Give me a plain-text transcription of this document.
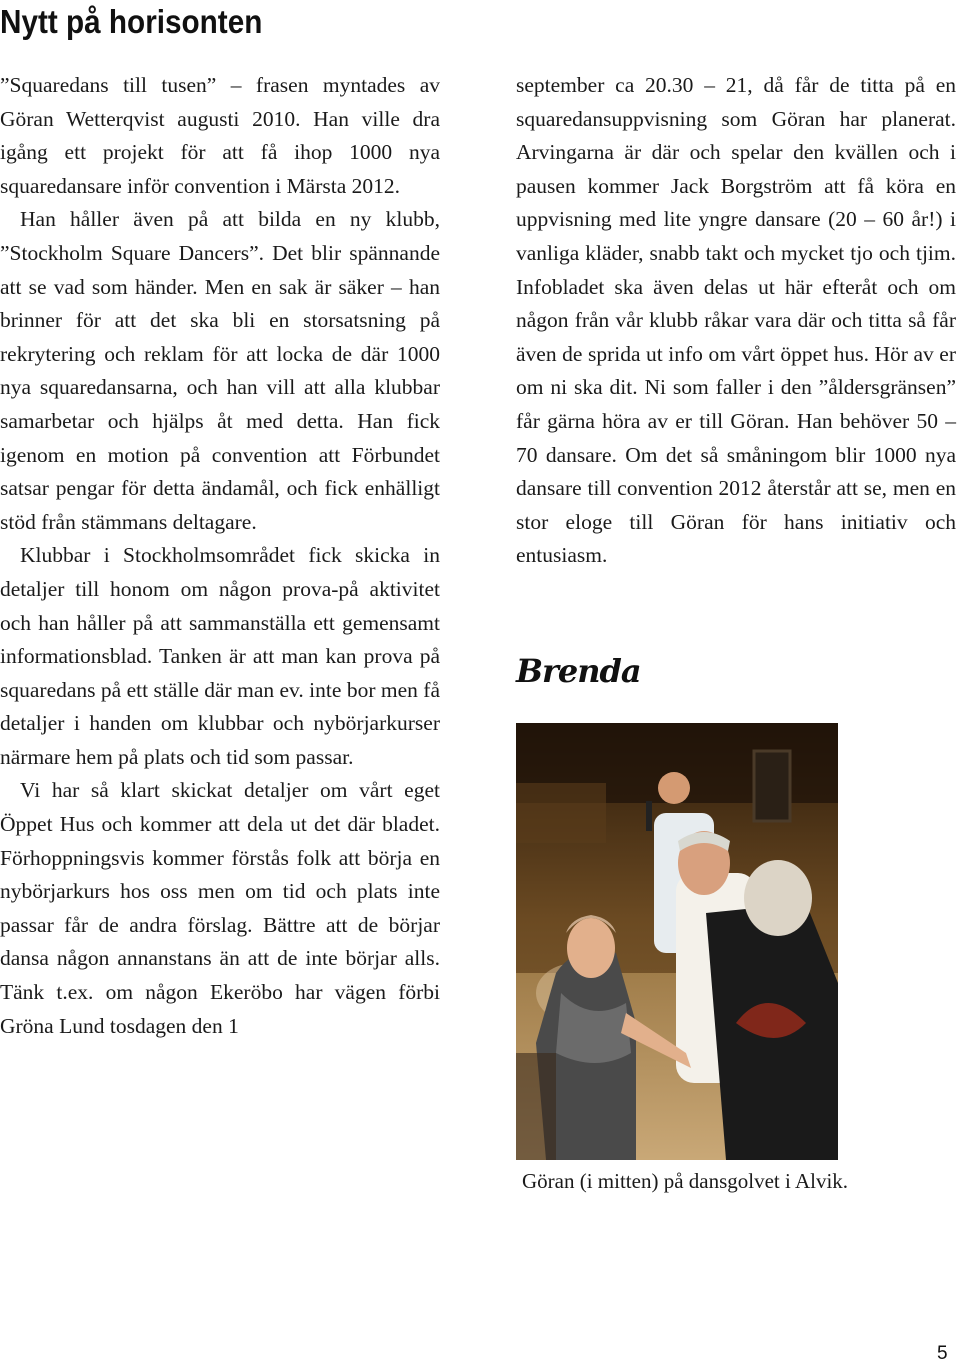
Nytt på horisonten

”Squaredans till tusen” – frasen myntades av Göran Wetterqvist augusti 2010. Han ville dra igång ett projekt för att få ihop 1000 nya squaredansare inför convention i Märsta 2012.

Han håller även på att bilda en ny klubb, ”Stockholm Square Dancers”. Det blir spännande att se vad som händer. Men en sak är säker – han brinner för att det ska bli en storsatsning på rekrytering och reklam för att locka de där 1000 nya squaredansarna, och han vill att alla klubbar samarbetar och hjälps åt med detta. Han fick igenom en motion på convention att Förbundet satsar pengar för detta ändamål, och fick enhälligt stöd från stämmans deltagare.

Klubbar i Stockholmsområdet fick skicka in detaljer till honom om någon prova-på aktivitet och han håller på att sammanställa ett gemensamt informationsblad. Tanken är att man kan prova på squaredans på ett ställe där man ev. inte bor men få detaljer i handen om klubbar och nybörjarkurser närmare hem på plats och tid som passar.

Vi har så klart skickat detaljer om vårt eget Öppet Hus och kommer att dela ut det där bladet. Förhoppningsvis kommer förstås folk att börja en nybörjarkurs hos oss men om tid och plats inte passar får de andra förslag. Bättre att de börjar dansa någon annanstans än att de inte börjar alls. Tänk t.ex. om någon Ekeröbo har vägen förbi Gröna Lund tosdagen den 1

september ca 20.30 – 21, då får de titta på en squaredansuppvisning som Göran har planerat. Arvingarna är där och spelar den kvällen och i pausen kommer Jack Borgström att få köra en uppvisning med lite yngre dansare (20 – 60 år!) i vanliga kläder, snabb takt och mycket tjo och tjim. Infobladet ska även delas ut här efteråt och om någon från vår klubb råkar vara där och titta så får även de sprida ut info om vårt öppet hus. Hör av er om ni ska dit. Ni som faller i den ”åldersgränsen” får gärna höra av er till Göran. Han behöver 50 – 70 dansare. Om det så småningom blir 1000 nya dansare till convention 2012 återstår att se, men en stor eloge till Göran för hans initiativ och entusiasm.

Brenda
Göran (i mitten) på dansgolvet i Alvik.
5
